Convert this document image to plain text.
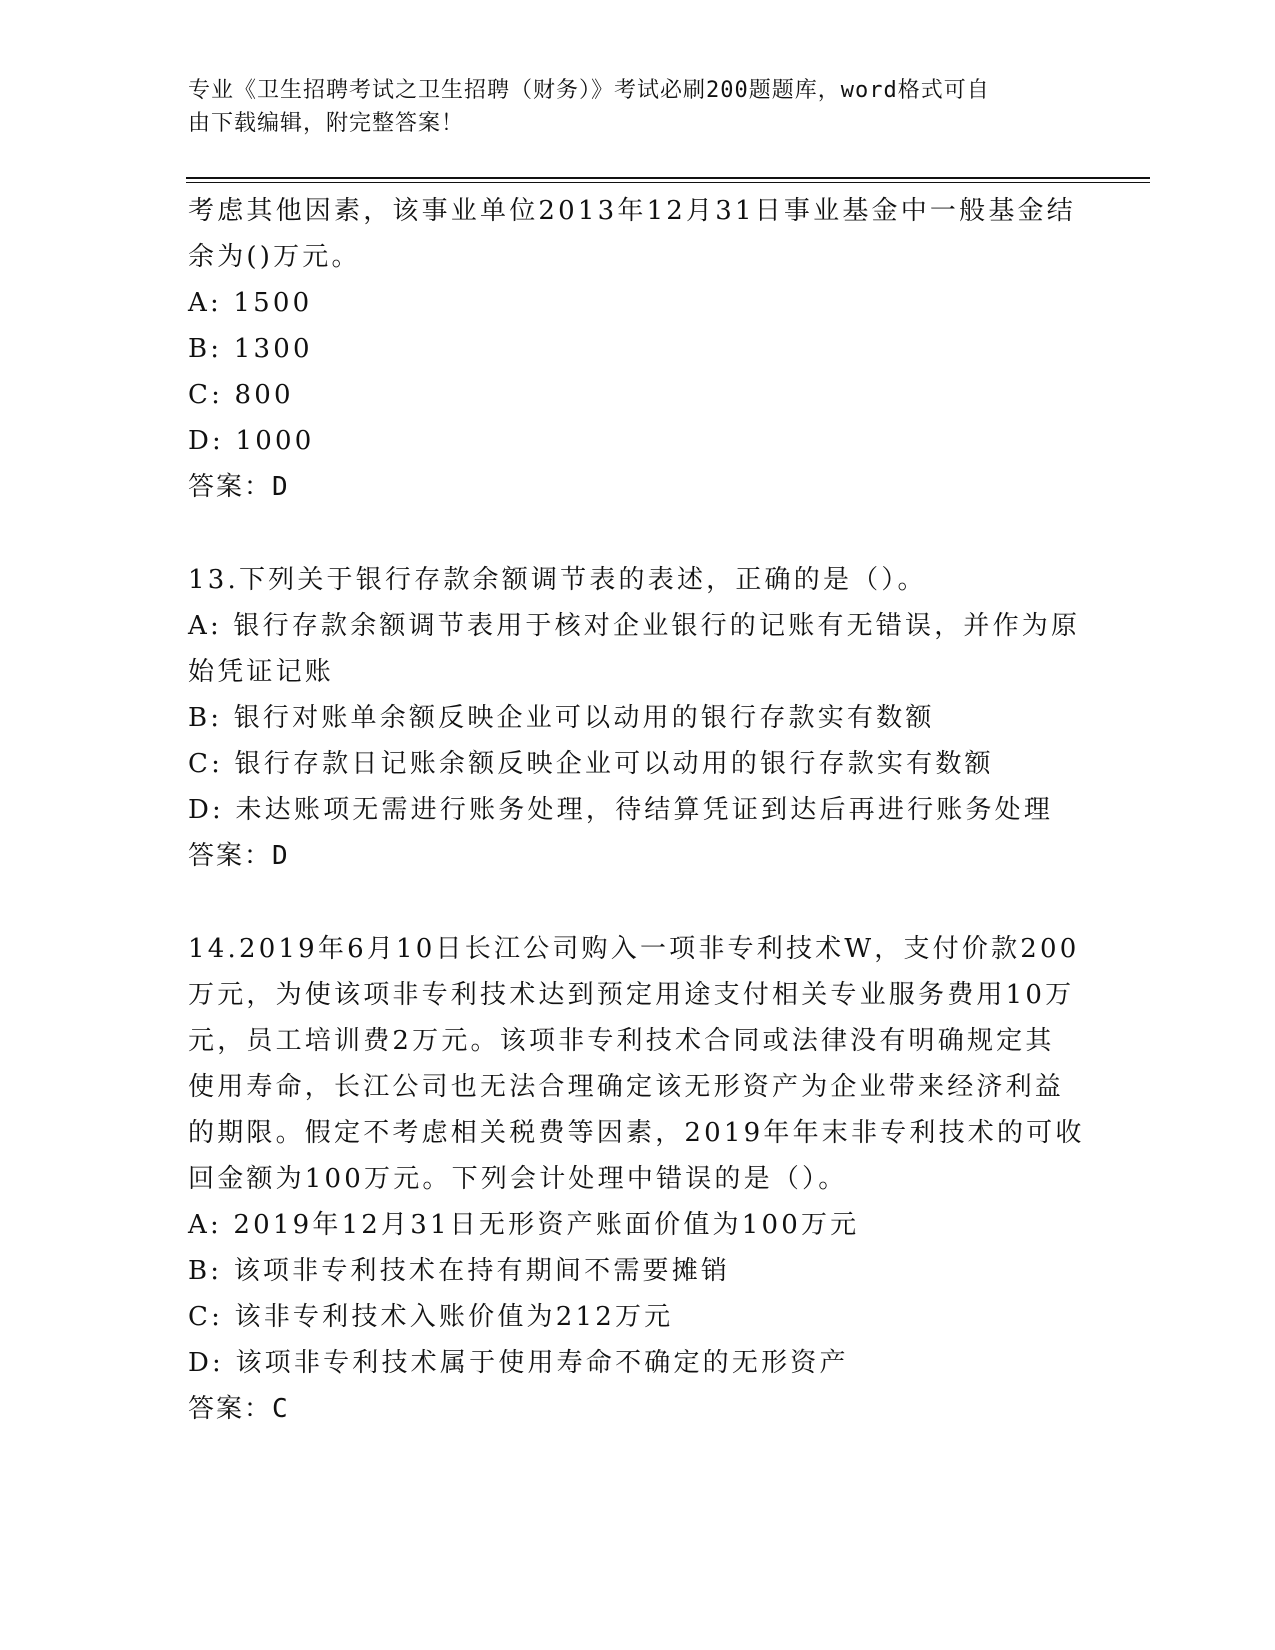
专业《卫生招聘考试之卫生招聘（财务）》考试必刷200题题库，word格式可自
由下载编辑，附完整答案！
考虑其他因素，该事业单位2013年12月31日事业基金中一般基金结
余为()万元。
A: 1500
B: 1300
C: 800
D: 1000
答案：D
13.下列关于银行存款余额调节表的表述，正确的是（）。
A: 银行存款余额调节表用于核对企业银行的记账有无错误，并作为原
始凭证记账
B: 银行对账单余额反映企业可以动用的银行存款实有数额
C: 银行存款日记账余额反映企业可以动用的银行存款实有数额
D: 未达账项无需进行账务处理，待结算凭证到达后再进行账务处理
答案：D
14.2019年6月10日长江公司购入一项非专利技术W，支付价款200
万元，为使该项非专利技术达到预定用途支付相关专业服务费用10万
元，员工培训费2万元。该项非专利技术合同或法律没有明确规定其
使用寿命，长江公司也无法合理确定该无形资产为企业带来经济利益
的期限。假定不考虑相关税费等因素，2019年年末非专利技术的可收
回金额为100万元。下列会计处理中错误的是（）。
A: 2019年12月31日无形资产账面价值为100万元
B: 该项非专利技术在持有期间不需要摊销
C: 该非专利技术入账价值为212万元
D: 该项非专利技术属于使用寿命不确定的无形资产
答案：C
